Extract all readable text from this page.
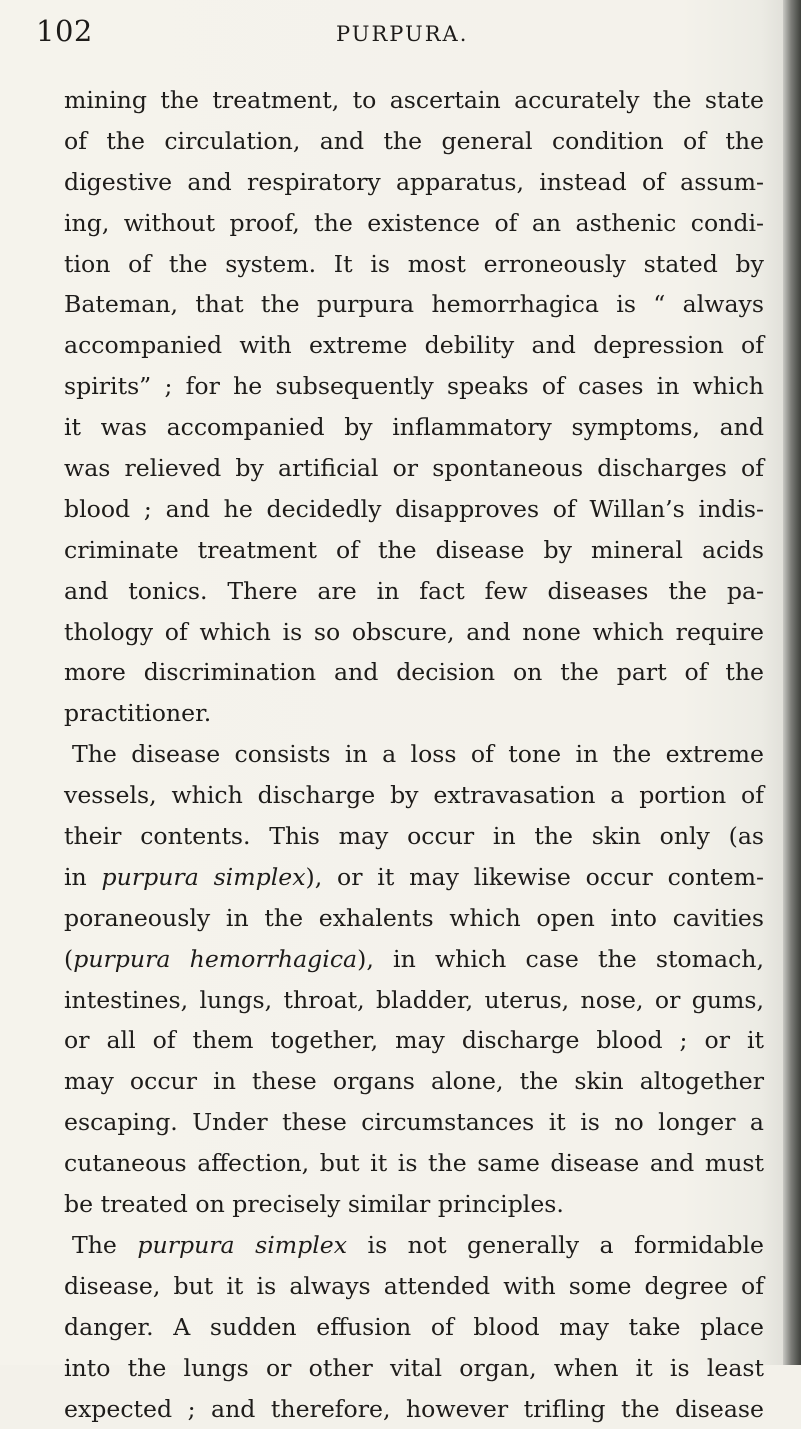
102	PURPURA.
mining the treatment, to ascertain accurately the state
of the circulation, and the general condition of the
digestive and respiratory apparatus, instead of assum-
ing, without proof, the existence of an asthenic condi-
tion of the system. It is most erroneously stated by
Bateman, that the purpura hemorrhagica is “ always
accompanied with extreme debility and depression of
spirits” ; for he subsequently speaks of cases in which
it was accompanied by inflammatory symptoms, and
was relieved by artificial or spontaneous discharges of
blood ; and he decidedly disapproves of Willan’s indis-
criminate treatment of the disease by mineral acids
and tonics. There are in fact few diseases the pa-
thology of which is so obscure, and none which require
more discrimination and decision on the part of the
practitioner.
The disease consists in a loss of tone in the extreme
vessels, which discharge by extravasation a portion of
their contents. This may occur in the skin only (as
in purpura simplex), or it may likewise occur contem-
poraneously in the exhalents which open into cavities
(purpura hemorrhagica), in which case the stomach,
intestines, lungs, throat, bladder, uterus, nose, or gums,
or all of them together, may discharge blood ; or it
may occur in these organs alone, the skin altogether
escaping. Under these circumstances it is no longer a
cutaneous affection, but it is the same disease and must
be treated on precisely similar principles.
The purpura simplex is not generally a formidable
disease, but it is always attended with some degree of
danger. A sudden effusion of blood may take place
into the lungs or other vital organ, when it is least
expected ; and therefore, however trifling the disease
